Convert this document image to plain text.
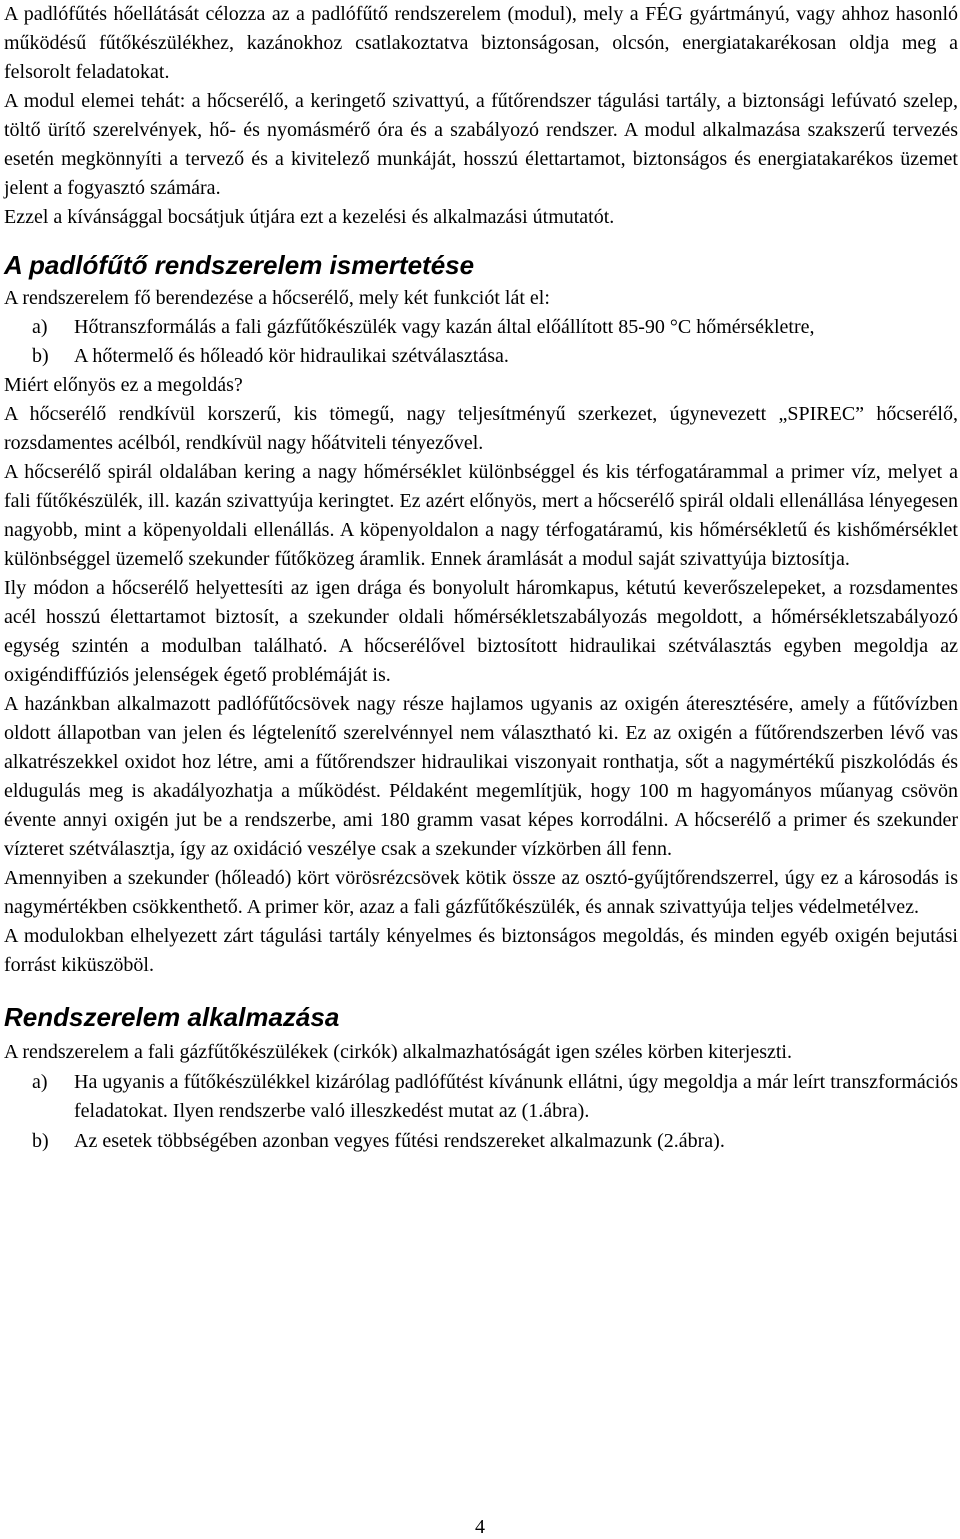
A padlófűtés hőellátását célozza az a padlófűtő rendszerelem (modul), mely a FÉG gyártmányú, vagy ahhoz hasonló működésű fűtőkészülékhez, kazánokhoz csatlakoztatva biztonságosan, olcsón, energiatakarékosan oldja meg a felsorolt feladatokat.

A modul elemei tehát: a hőcserélő, a keringető szivattyú, a fűtőrendszer tágulási tartály, a biztonsági lefúvató szelep, töltő ürítő szerelvények, hő- és nyomásmérő óra és a szabályozó rendszer. A modul alkalmazása szakszerű tervezés esetén megkönnyíti a tervező és a kivitelező munkáját, hosszú élettartamot, biztonságos és energiatakarékos üzemet jelent a fogyasztó számára.

Ezzel a kívánsággal bocsátjuk útjára ezt a kezelési és alkalmazási útmutatót.

A padlófűtő rendszerelem ismertetése

A rendszerelem fő berendezése a hőcserélő, mely két funkciót lát el:

a)	Hőtranszformálás a fali gázfűtőkészülék vagy kazán által előállított 85-90 °C hőmérsékletre,
b)	A hőtermelő és hőleadó kör hidraulikai szétválasztása.

Miért előnyös ez a megoldás?

A hőcserélő rendkívül korszerű, kis tömegű, nagy teljesítményű szerkezet, úgynevezett „SPIREC” hőcserélő, rozsdamentes acélból, rendkívül nagy hőátviteli tényezővel.

A hőcserélő spirál oldalában kering a nagy hőmérséklet különbséggel és kis térfogatárammal a primer víz, melyet a fali fűtőkészülék, ill. kazán szivattyúja keringtet. Ez azért előnyös, mert a hőcserélő spirál oldali ellenállása lényegesen nagyobb, mint a köpenyoldali ellenállás. A köpenyoldalon a nagy térfogatáramú, kis hőmérsékletű és kishőmérséklet különbséggel üzemelő szekunder fűtőközeg áramlik. Ennek áramlását a modul saját szivattyúja biztosítja.

Ily módon a hőcserélő helyettesíti az igen drága és bonyolult háromkapus, kétutú keverőszelepeket, a rozsdamentes acél hosszú élettartamot biztosít, a szekunder oldali hőmérsékletszabályozás megoldott, a hőmérsékletszabályozó egység szintén a modulban található. A hőcserélővel biztosított hidraulikai szétválasztás egyben megoldja az oxigéndiffúziós jelenségek égető problémáját is.

A hazánkban alkalmazott padlófűtőcsövek nagy része hajlamos ugyanis az oxigén áteresztésére, amely a fűtővízben oldott állapotban van jelen és légtelenítő szerelvénnyel nem választható ki. Ez az oxigén a fűtőrendszerben lévő vas alkatrészekkel oxidot hoz létre, ami a fűtőrendszer hidraulikai viszonyait ronthatja, sőt a nagymértékű piszkolódás és eldugulás meg is akadályozhatja a működést. Példaként megemlítjük, hogy 100 m hagyományos műanyag csövön évente annyi oxigén jut be a rendszerbe, ami 180 gramm vasat képes korrodálni. A hőcserélő a primer és szekunder vízteret szétválasztja, így az oxidáció veszélye csak a szekunder vízkörben áll fenn.

Amennyiben a szekunder (hőleadó) kört vörösrézcsövek kötik össze az osztó-gyűjtőrendszerrel, úgy ez a károsodás is nagymértékben csökkenthető. A primer kör, azaz a fali gázfűtőkészülék, és annak szivattyúja teljes védelmetélvez.

A modulokban elhelyezett zárt tágulási tartály kényelmes és biztonságos megoldás, és minden egyéb oxigén bejutási forrást kiküszöböl.

Rendszerelem alkalmazása

A rendszerelem a fali gázfűtőkészülékek (cirkók) alkalmazhatóságát igen széles körben kiterjeszti.

a)	Ha ugyanis a fűtőkészülékkel kizárólag padlófűtést kívánunk ellátni, úgy megoldja a már leírt transzformációs feladatokat. Ilyen rendszerbe való illeszkedést mutat az (1.ábra).
b)	Az esetek többségében azonban vegyes fűtési rendszereket alkalmazunk (2.ábra).
4
